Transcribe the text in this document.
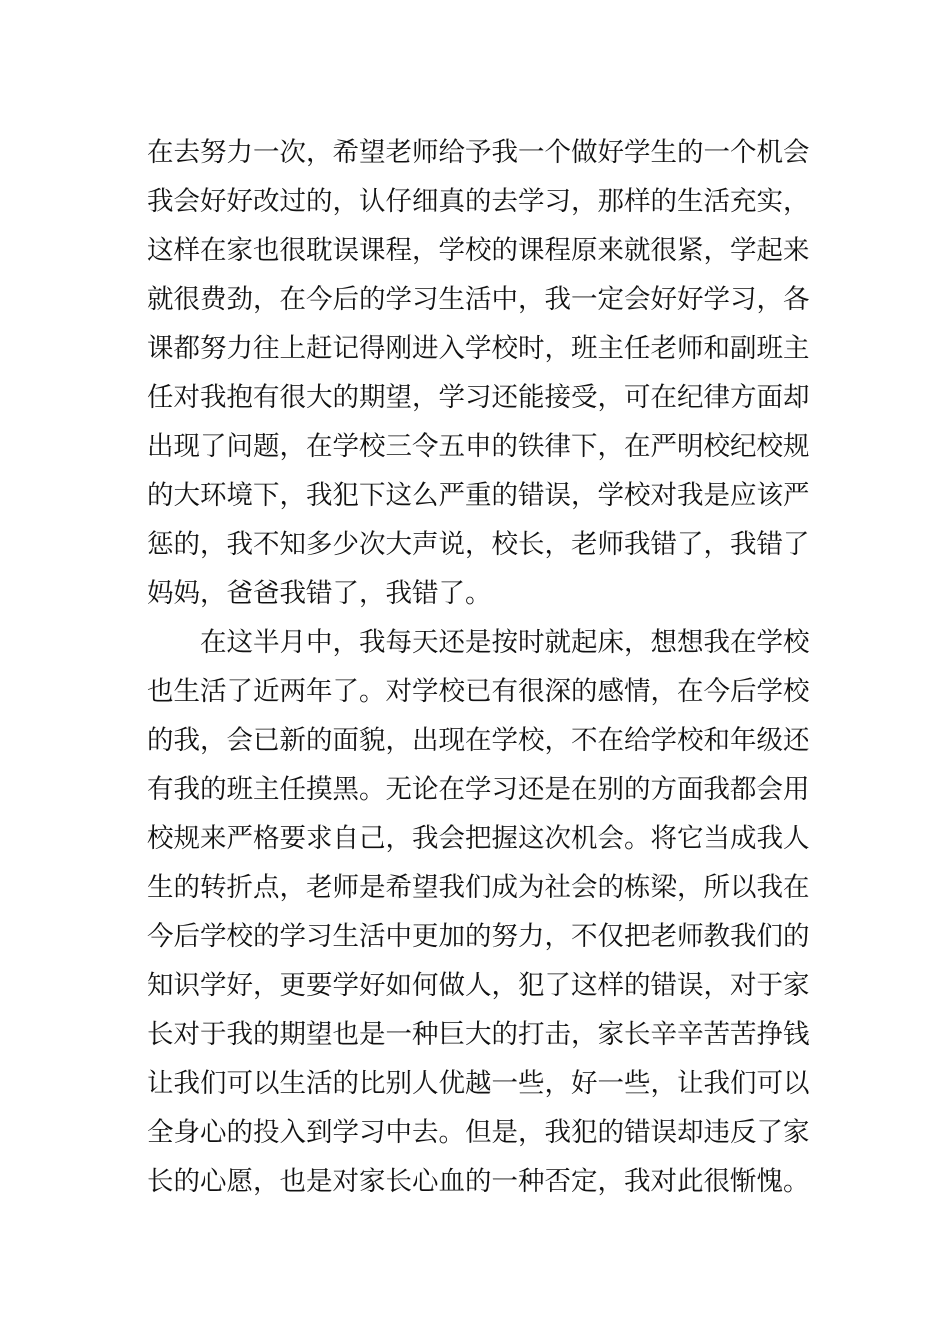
在去努力一次，希望老师给予我一个做好学生的一个机会
我会好好改过的，认仔细真的去学习，那样的生活充实，
这样在家也很耽误课程，学校的课程原来就很紧，学起来
就很费劲，在今后的学习生活中，我一定会好好学习，各
课都努力往上赶记得刚进入学校时，班主任老师和副班主
任对我抱有很大的期望，学习还能接受，可在纪律方面却
出现了问题，在学校三令五申的铁律下，在严明校纪校规
的大环境下，我犯下这么严重的错误，学校对我是应该严
惩的，我不知多少次大声说，校长，老师我错了，我错了
妈妈，爸爸我错了，我错了。
在这半月中，我每天还是按时就起床，想想我在学校
也生活了近两年了。对学校已有很深的感情，在今后学校
的我，会已新的面貌，出现在学校，不在给学校和年级还
有我的班主任摸黑。无论在学习还是在别的方面我都会用
校规来严格要求自己，我会把握这次机会。将它当成我人
生的转折点，老师是希望我们成为社会的栋梁，所以我在
今后学校的学习生活中更加的努力，不仅把老师教我们的
知识学好，更要学好如何做人，犯了这样的错误，对于家
长对于我的期望也是一种巨大的打击，家长辛辛苦苦挣钱
让我们可以生活的比别人优越一些，好一些，让我们可以
全身心的投入到学习中去。但是，我犯的错误却违反了家
长的心愿，也是对家长心血的一种否定，我对此很惭愧。
